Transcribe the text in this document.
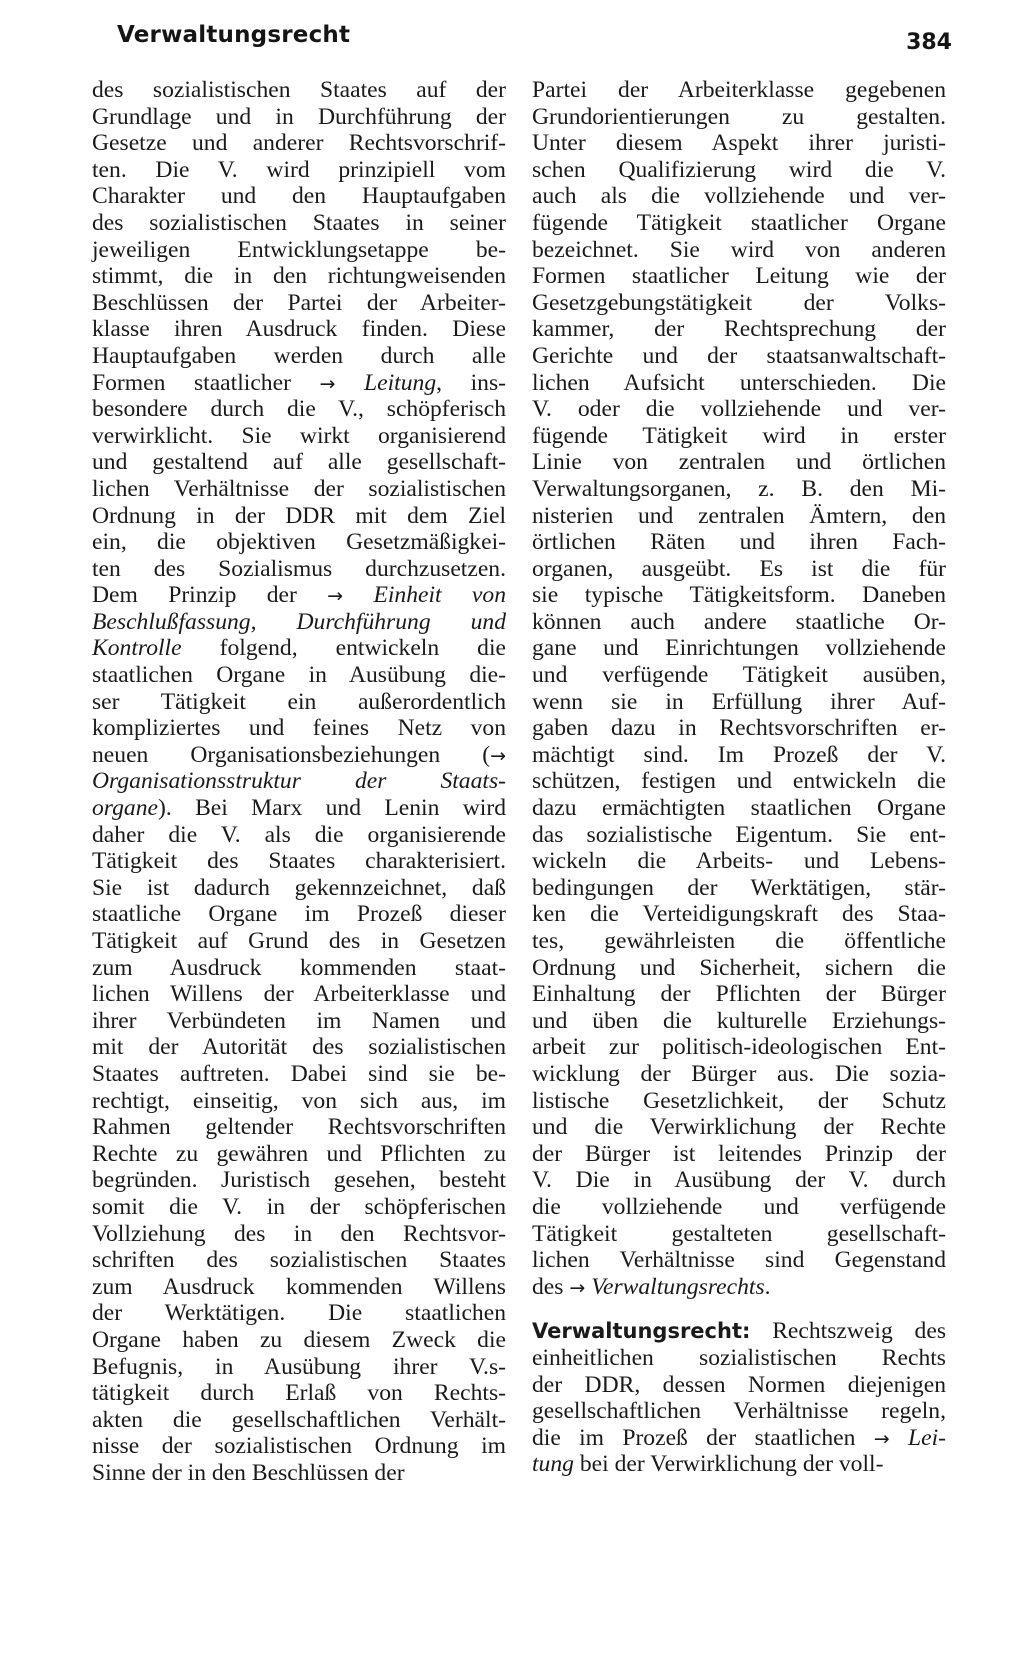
Verwaltungsrecht	384
des sozialistischen Staates auf der
Grundlage und in Durchführung der
Gesetze und anderer Rechtsvorschrif-
ten. Die V. wird prinzipiell vom
Charakter und den Hauptaufgaben
des sozialistischen Staates in seiner
jeweiligen Entwicklungsetappe be-
stimmt, die in den richtungweisenden
Beschlüssen der Partei der Arbeiter-
klasse ihren Ausdruck finden. Diese
Hauptaufgaben werden durch alle
Formen staatlicher → Leitung, ins-
besondere durch die V., schöpferisch
verwirklicht. Sie wirkt organisierend
und gestaltend auf alle gesellschaft-
lichen Verhältnisse der sozialistischen
Ordnung in der DDR mit dem Ziel
ein, die objektiven Gesetzmäßigkei-
ten des Sozialismus durchzusetzen.
Dem Prinzip der → Einheit von
Beschlußfassung, Durchführung und
Kontrolle folgend, entwickeln die
staatlichen Organe in Ausübung die-
ser Tätigkeit ein außerordentlich
kompliziertes und feines Netz von
neuen Organisationsbeziehungen (→
Organisationsstruktur der Staats-
organe). Bei Marx und Lenin wird
daher die V. als die organisierende
Tätigkeit des Staates charakterisiert.
Sie ist dadurch gekennzeichnet, daß
staatliche Organe im Prozeß dieser
Tätigkeit auf Grund des in Gesetzen
zum Ausdruck kommenden staat-
lichen Willens der Arbeiterklasse und
ihrer Verbündeten im Namen und
mit der Autorität des sozialistischen
Staates auftreten. Dabei sind sie be-
rechtigt, einseitig, von sich aus, im
Rahmen geltender Rechtsvorschriften
Rechte zu gewähren und Pflichten zu
begründen. Juristisch gesehen, besteht
somit die V. in der schöpferischen
Vollziehung des in den Rechtsvor-
schriften des sozialistischen Staates
zum Ausdruck kommenden Willens
der Werktätigen. Die staatlichen
Organe haben zu diesem Zweck die
Befugnis, in Ausübung ihrer V.s-
tätigkeit durch Erlaß von Rechts-
akten die gesellschaftlichen Verhält-
nisse der sozialistischen Ordnung im
Sinne der in den Beschlüssen der
Partei der Arbeiterklasse gegebenen
Grundorientierungen zu gestalten.
Unter diesem Aspekt ihrer juristi-
schen Qualifizierung wird die V.
auch als die vollziehende und ver-
fügende Tätigkeit staatlicher Organe
bezeichnet. Sie wird von anderen
Formen staatlicher Leitung wie der
Gesetzgebungstätigkeit der Volks-
kammer, der Rechtsprechung der
Gerichte und der staatsanwaltschaft-
lichen Aufsicht unterschieden. Die
V. oder die vollziehende und ver-
fügende Tätigkeit wird in erster
Linie von zentralen und örtlichen
Verwaltungsorganen, z. B. den Mi-
nisterien und zentralen Ämtern, den
örtlichen Räten und ihren Fach-
organen, ausgeübt. Es ist die für
sie typische Tätigkeitsform. Daneben
können auch andere staatliche Or-
gane und Einrichtungen vollziehende
und verfügende Tätigkeit ausüben,
wenn sie in Erfüllung ihrer Auf-
gaben dazu in Rechtsvorschriften er-
mächtigt sind. Im Prozeß der V.
schützen, festigen und entwickeln die
dazu ermächtigten staatlichen Organe
das sozialistische Eigentum. Sie ent-
wickeln die Arbeits- und Lebens-
bedingungen der Werktätigen, stär-
ken die Verteidigungskraft des Staa-
tes, gewährleisten die öffentliche
Ordnung und Sicherheit, sichern die
Einhaltung der Pflichten der Bürger
und üben die kulturelle Erziehungs-
arbeit zur politisch-ideologischen Ent-
wicklung der Bürger aus. Die sozia-
listische Gesetzlichkeit, der Schutz
und die Verwirklichung der Rechte
der Bürger ist leitendes Prinzip der
V. Die in Ausübung der V. durch
die vollziehende und verfügende
Tätigkeit gestalteten gesellschaft-
lichen Verhältnisse sind Gegenstand
des → Verwaltungsrechts.
Verwaltungsrecht: Rechtszweig des
einheitlichen sozialistischen Rechts
der DDR, dessen Normen diejenigen
gesellschaftlichen Verhältnisse regeln,
die im Prozeß der staatlichen → Lei-
tung bei der Verwirklichung der voll-
